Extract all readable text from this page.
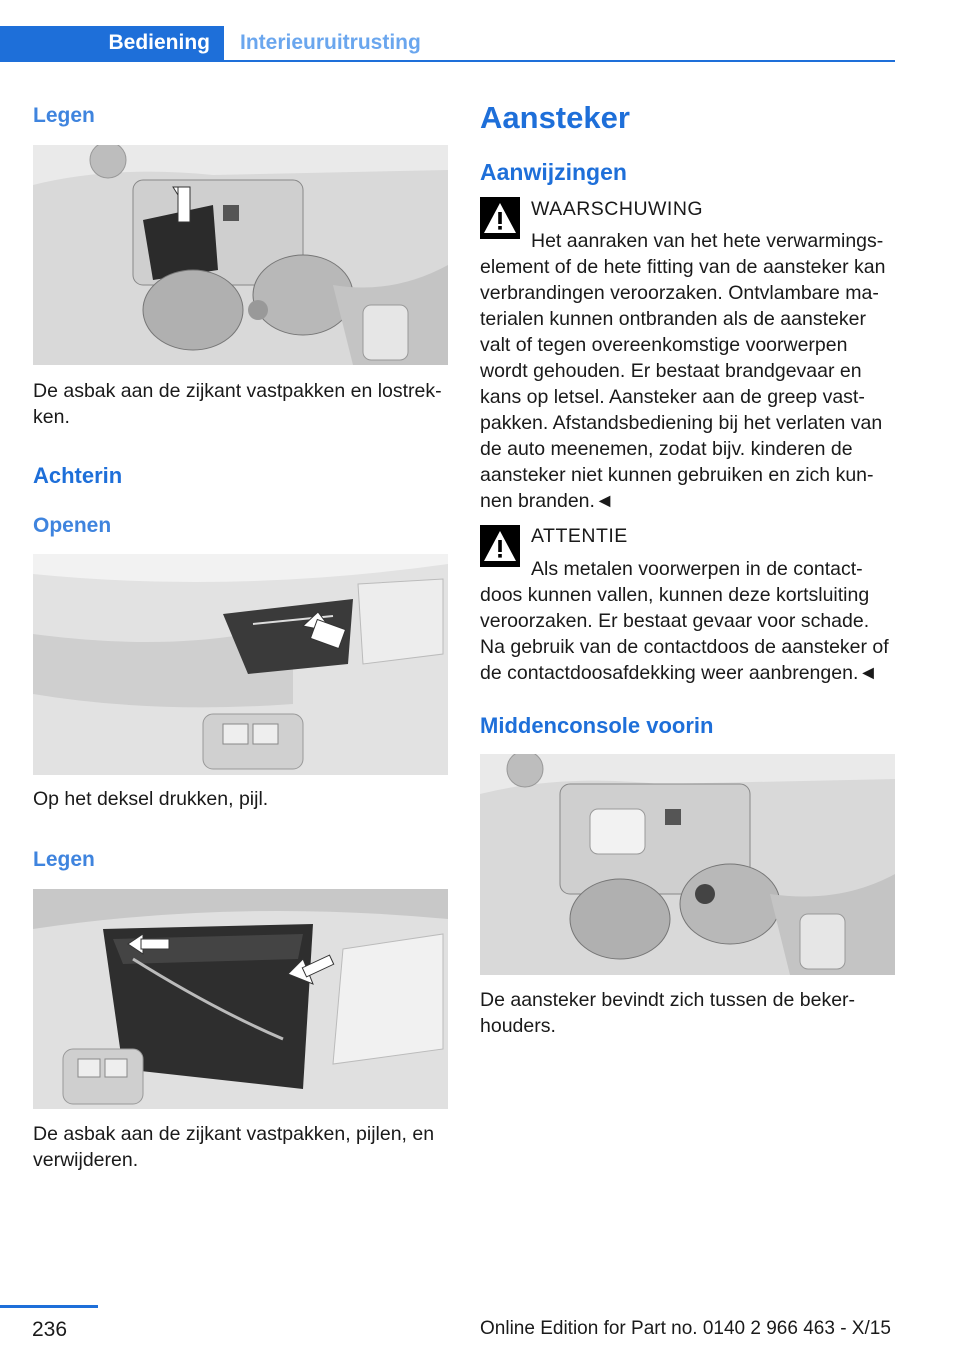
Bediening	Interieuruitrusting
Legen
De asbak aan de zijkant vastpakken en lostrek-
ken.
Achterin
Openen
Op het deksel drukken, pijl.
Legen
De asbak aan de zijkant vastpakken, pijlen, en
verwijderen.
Aansteker
Aanwijzingen
WAARSCHUWING
Het aanraken van het hete verwarmings-
element of de hete fitting van de aansteker kan
verbrandingen veroorzaken. Ontvlambare ma-
terialen kunnen ontbranden als de aansteker
valt of tegen overeenkomstige voorwerpen
wordt gehouden. Er bestaat brandgevaar en
kans op letsel. Aansteker aan de greep vast-
pakken. Afstandsbediening bij het verlaten van
de auto meenemen, zodat bijv. kinderen de
aansteker niet kunnen gebruiken en zich kun-
nen branden.◄
ATTENTIE
Als metalen voorwerpen in de contact-
doos kunnen vallen, kunnen deze kortsluiting
veroorzaken. Er bestaat gevaar voor schade.
Na gebruik van de contactdoos de aansteker of
de contactdoosafdekking weer aanbrengen.◄
Middenconsole voorin
De aansteker bevindt zich tussen de beker-
houders.
236	Online Edition for Part no. 0140 2 966 463 - X/15
